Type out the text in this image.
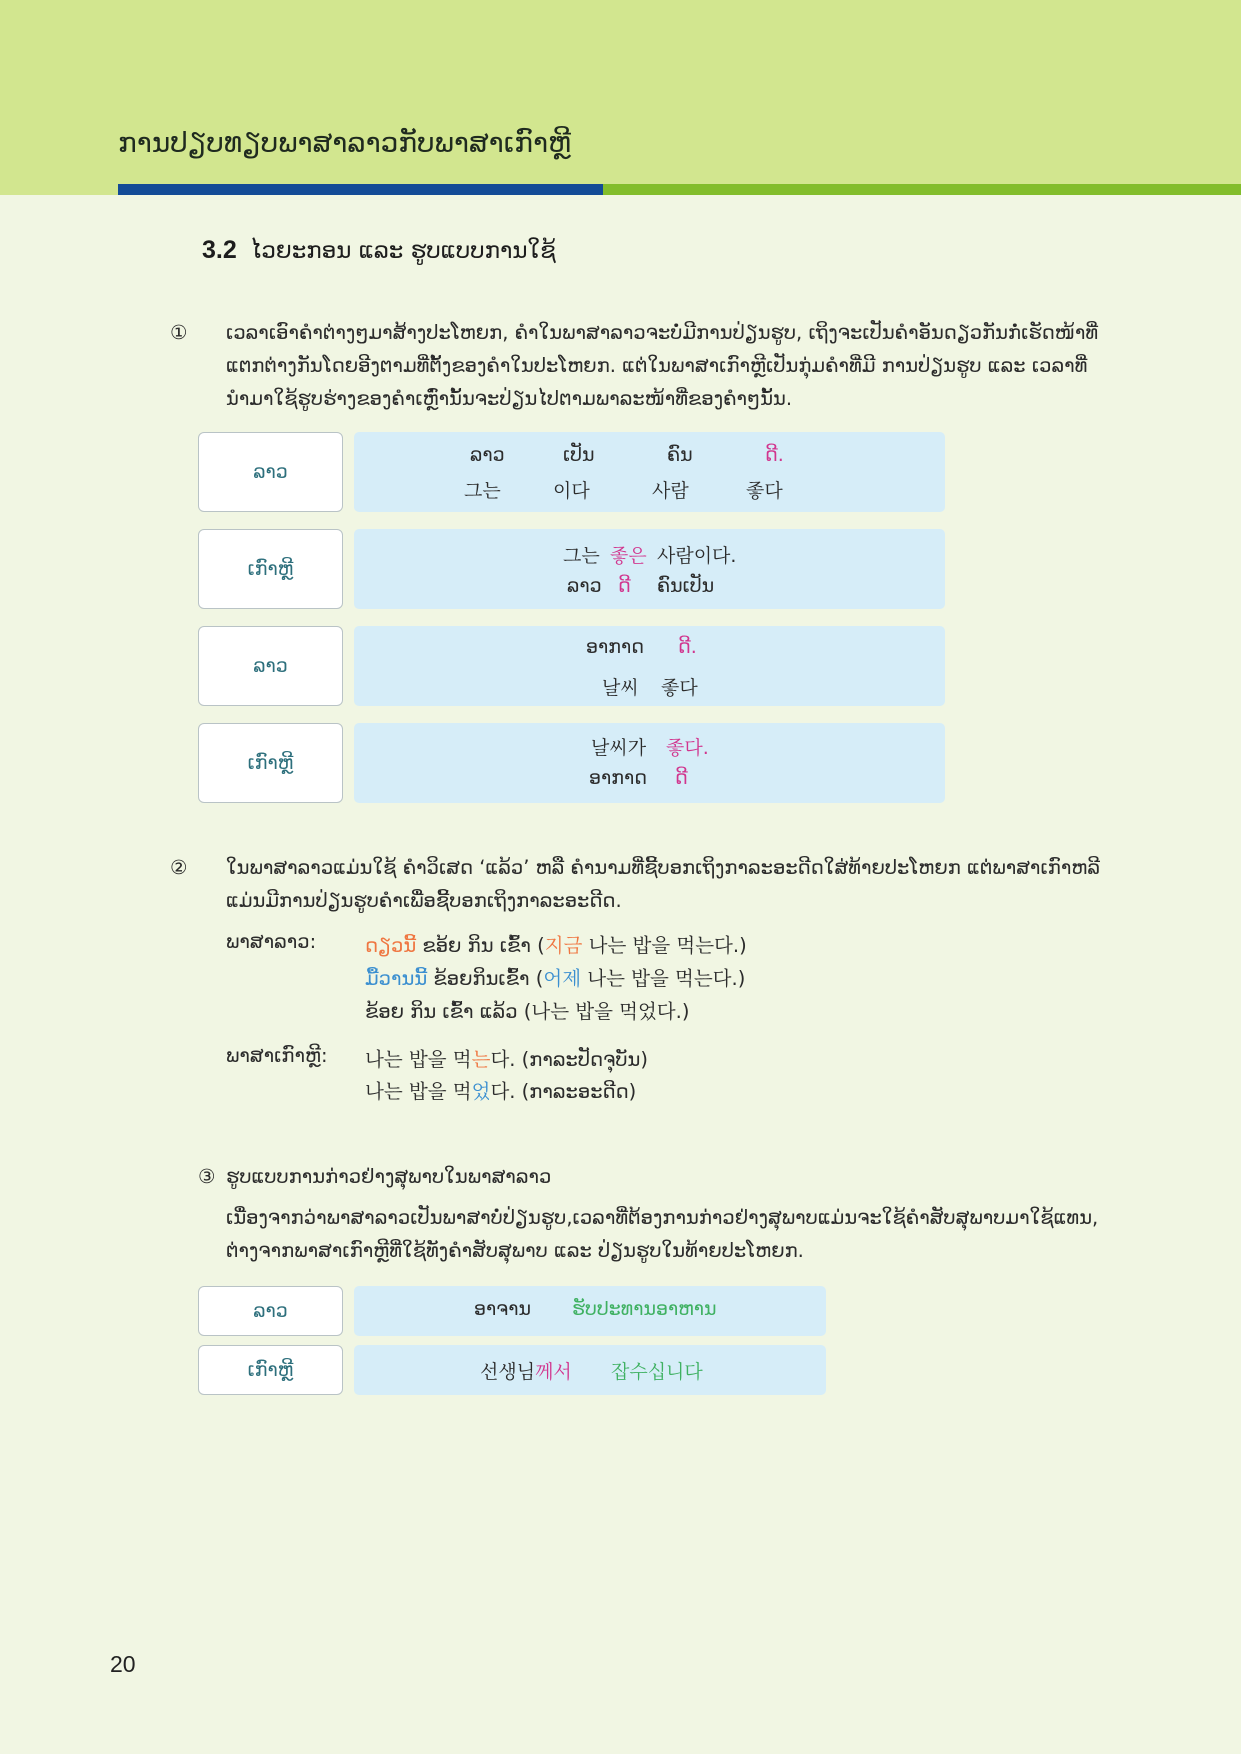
ການປຽບທຽບພາສາລາວກັບພາສາເກົາຫຼີ
3.2 ໄວຍະກອນ ແລະ ຮູບແບບການໃຊ້
① ເວລາເອົາຄຳຕ່າງໆມາສ້າງປະໂຫຍກ, ຄຳໃນພາສາລາວຈະບໍ່ມີການປ່ຽນຮູບ, ເຖິງຈະເປັນຄຳອັນດຽວກັນກໍ່ເຮັດໜ້າທີ່ແຕກຕ່າງກັນໂດຍອີງຕາມທີ່ຕັ້ງຂອງຄຳໃນປະໂຫຍກ. ແຕ່ໃນພາສາເກົາຫຼີເປັນກຸ່ມຄຳທີ່ມີ ການປ່ຽນຮູບ ແລະ ເວລາທີ່ນຳມາໃຊ້ຮູບຮ່າງຂອງຄຳເຫຼົ່ານັ້ນຈະປ່ຽນໄປຕາມພາລະໜ້າທີ່ຂອງຄຳໆນັ້ນ.
ລາວ
ລາວ	ເປັນ	ຄົນ	ດີ.
그는	이다	사람	좋다
ເກົາຫຼີ
그는 좋은 사람이다.
ລາວ ດີ ຄົນເປັນ
ລາວ
ອາກາດ ດີ.
날씨 좋다
ເກົາຫຼີ
날씨가 좋다.
ອາກາດ ດີ
② ໃນພາສາລາວແມ່ນໃຊ້ ຄຳວິເສດ ‘ແລ້ວ’ ຫລື ຄຳນາມທີ່ຊີ້ບອກເຖິງກາລະອະດີດໃສ່ທ້າຍປະໂຫຍກ ແຕ່ພາສາເກົາຫລີແມ່ນມີການປ່ຽນຮູບຄຳເພື່ອຊີ້ບອກເຖິງກາລະອະດີດ.
ພາສາລາວ:	ດຽວນີ້ ຂອ້ຍ ກິນ ເຂົ້າ (지금 나는 밥을 먹는다.)
ມື້ວານນີ້ ຂ້ອຍກິນເຂົ້າ (어제 나는 밥을 먹는다.)
ຂ້ອຍ ກິນ ເຂົ້າ ແລ້ວ (나는 밥을 먹었다.)
ພາສາເກົາຫຼີ: 나는 밥을 먹는다. (ກາລະປັດຈຸບັນ)
나는 밥을 먹었다. (ກາລະອະດີດ)
③ ຮູບແບບການກ່າວຢ່າງສຸພາບໃນພາສາລາວ
ເນື່ອງຈາກວ່າພາສາລາວເປັນພາສາບໍ່ປ່ຽນຮູບ,ເວລາທີ່ຕ້ອງການກ່າວຢ່າງສຸພາບແມ່ນຈະໃຊ້ຄຳສັບສຸພາບມາໃຊ້ແທນ, ຕ່າງຈາກພາສາເກົາຫຼີທີ່ໃຊ້ທັງຄຳສັບສຸພາບ ແລະ ປ່ຽນຮູບໃນທ້າຍປະໂຫຍກ.
ລາວ	ອາຈານ ຮັບປະທານອາຫານ
ເກົາຫຼີ	선생님께서 잡수십니다
20
